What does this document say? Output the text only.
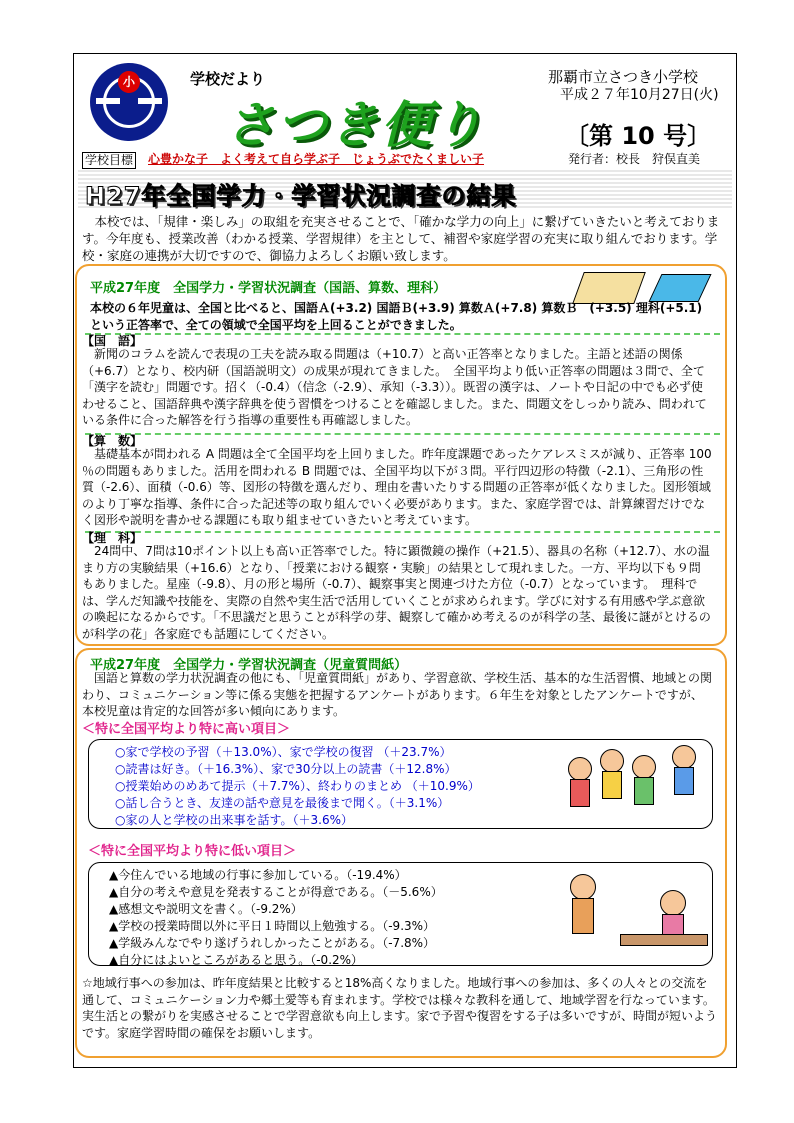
小	学校だより
さつき便り
那覇市立さつき小学校
平成２７年10月27日(火)
〔第 10 号〕
学校目標 心豊かな子　よく考えて自ら学ぶ子　じょうぶでたくましい子	発行者：校長　狩俣直美
H27年全国学力・学習状況調査の結果
本校では、「規律・楽しみ」の取組を充実させることで、「確かな学力の向上」に繋げていきたいと考えております。今年度も、授業改善（わかる授業、学習規律）を主として、補習や家庭学習の充実に取り組んでおります。学校・家庭の連携が大切ですので、御協力よろしくお願い致します。
平成27年度　全国学力・学習状況調査（国語、算数、理科）
本校の６年児童は、全国と比べると、国語Ａ(+3.2) 国語Ｂ(+3.9) 算数Ａ(+7.8) 算数Ｂ　(+3.5) 理科(+5.1)という正答率で、全ての領域で全国平均を上回ることができました。
【国　語】
新聞のコラムを読んで表現の工夫を読み取る問題は（+10.7）と高い正答率となりました。主語と述語の関係（+6.7）となり、校内研（国語説明文）の成果が現れてきました。　全国平均より低い正答率の問題は３問で、全て「漢字を読む」問題です。招く（-0.4）（信念（-2.9）、承知（-3.3））。既習の漢字は、ノートや日記の中でも必ず使わせること、国語辞典や漢字辞典を使う習慣をつけることを確認しました。また、問題文をしっかり読み、問われている条件に合った解答を行う指導の重要性も再確認しました。
【算　数】
基礎基本が問われる A 問題は全て全国平均を上回りました。昨年度課題であったケアレスミスが減り、正答率 100 ％の問題もありました。活用を問われる B 問題では、全国平均以下が３問。平行四辺形の特徴（-2.1）、三角形の性質（-2.6）、面積（-0.6）等、図形の特徴を選んだり、理由を書いたりする問題の正答率が低くなりました。図形領域のより丁寧な指導、条件に合った記述等の取り組んでいく必要があります。また、家庭学習では、計算練習だけでなく図形や説明を書かせる課題にも取り組ませていきたいと考えています。
【理　科】
24問中、7問は10ポイント以上も高い正答率でした。特に顕微鏡の操作（+21.5）、器具の名称（+12.7）、水の温まり方の実験結果（+16.6）となり、「授業における観察・実験」の結果として現れました。一方、平均以下も９問もありました。星座（-9.8）、月の形と場所（-0.7）、観察事実と関連づけた方位（-0.7）となっています。　理科では、学んだ知識や技能を、実際の自然や実生活で活用していくことが求められます。学びに対する有用感や学ぶ意欲の喚起になるからです。「不思議だと思うことが科学の芽、観察して確かめ考えるのが科学の茎、最後に謎がとけるのが科学の花」各家庭でも話題にしてください。
平成27年度　全国学力・学習状況調査（児童質問紙）
国語と算数の学力状況調査の他にも、「児童質問紙」があり、学習意欲、学校生活、基本的な生活習慣、地域との関わり、コミュニケーション等に係る実態を把握するアンケートがあります。６年生を対象としたアンケートですが、本校児童は肯定的な回答が多い傾向にあります。
＜特に全国平均より特に高い項目＞
○家で学校の予習（＋13.0%）、家で学校の復習 （＋23.7%）
○読書は好き。（＋16.3%）、家で30分以上の読書（＋12.8%）
○授業始めのめあて提示（＋7.7%）、終わりのまとめ （＋10.9%）
○話し合うとき、友達の話や意見を最後まで聞く。（＋3.1%）
○家の人と学校の出来事を話す。（＋3.6%）
＜特に全国平均より特に低い項目＞
▲今住んでいる地域の行事に参加している。（-19.4%）
▲自分の考えや意見を発表することが得意である。（－5.6%）
▲感想文や説明文を書く。（-9.2%）
▲学校の授業時間以外に平日１時間以上勉強する。（-9.3%）
▲学級みんなでやり遂げうれしかったことがある。（-7.8%）
▲自分にはよいところがあると思う。（-0.2%）
☆地域行事への参加は、昨年度結果と比較すると18%高くなりました。地域行事への参加は、多くの人々との交流を通して、コミュニケーション力や郷土愛等も育まれます。学校では様々な教科を通して、地域学習を行なっています。実生活との繋がりを実感させることで学習意欲も向上します。家で予習や復習をする子は多いですが、時間が短いようです。家庭学習時間の確保をお願いします。
